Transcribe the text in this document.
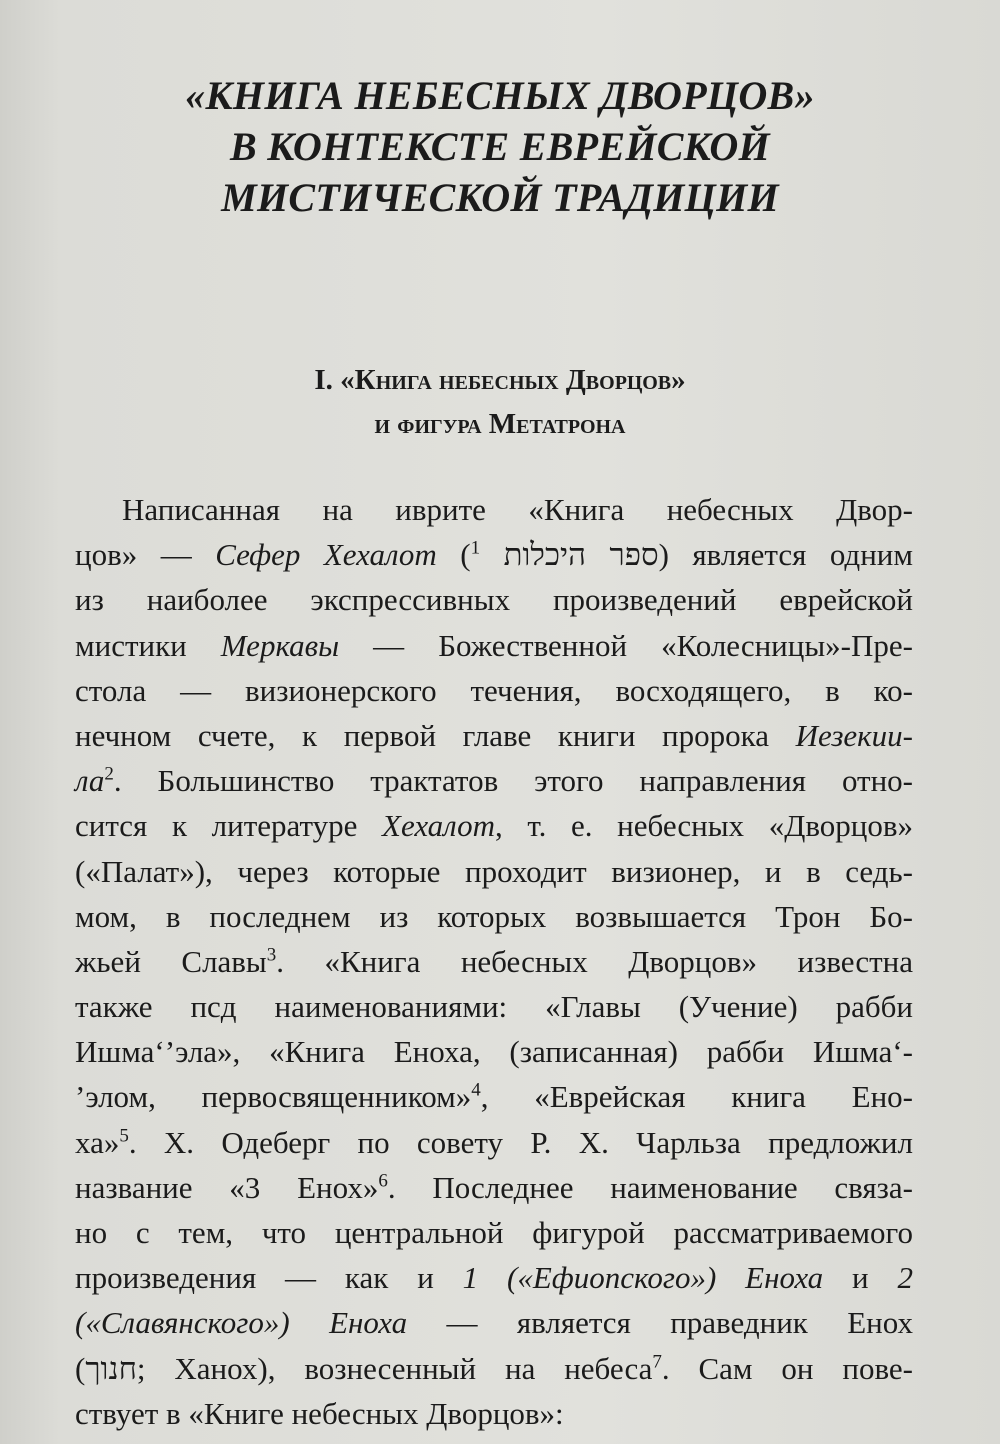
«КНИГА НЕБЕСНЫХ ДВОРЦОВ»
В КОНТЕКСТЕ ЕВРЕЙСКОЙ
МИСТИЧЕСКОЙ ТРАДИЦИИ
I. «Книга небесных Дворцов»
и фигура Метатрона
Написанная на иврите «Книга небесных Двор-
цов» — Сефер Хехалот ($^1$ ספר היכלות) является одним
из наиболее экспрессивных произведений еврейской
мистики Меркавы — Божественной «Колесницы»-Пре-
стола — визионерского течения, восходящего, в ко-
нечном счете, к первой главе книги пророка Иезекии-
ла$^2$. Большинство трактатов этого направления отно-
сится к литературе Хехалот, т. е. небесных «Дворцов»
(«Палат»), через которые проходит визионер, и в седь-
мом, в последнем из которых возвышается Трон Бо-
жьей Славы$^3$. «Книга небесных Дворцов» известна
также пcд наименованиями: «Главы (Учение) рабби
Ишма‘’эла», «Книга Еноха, (записанная) рабби Ишма‘-
’элом, первосвященником»$^4$, «Еврейская книга Ено-
ха»$^5$. Х. Одеберг по совету Р. Х. Чарльза предложил
название «3 Енох»$^6$. Последнее наименование связа-
но с тем, что центральной фигурой рассматриваемого
произведения — как и 1 («Ефиопского») Еноха и 2
(«Славянского») Еноха — является праведник Енох
(חנוך; Ханох), вознесенный на небеса$^7$. Сам он пове-
ствует в «Книге небесных Дворцов»:
